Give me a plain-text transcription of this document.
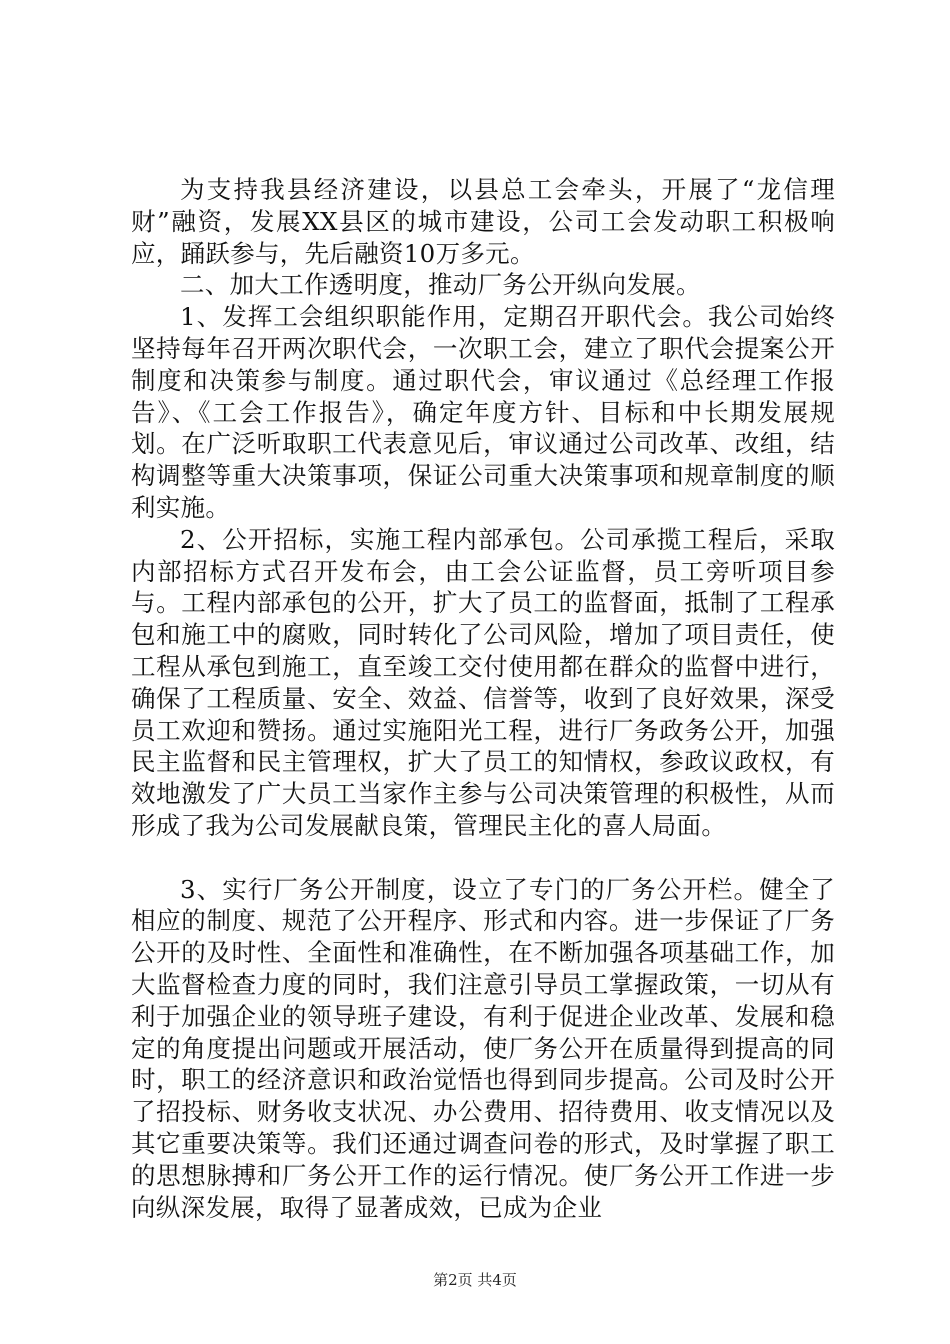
为支持我县经济建设，以县总工会牵头，开展了“龙信理财”融资，发展XX县区的城市建设，公司工会发动职工积极响应，踊跃参与，先后融资10万多元。

二、加大工作透明度，推动厂务公开纵向发展。

1、发挥工会组织职能作用，定期召开职代会。我公司始终坚持每年召开两次职代会，一次职工会，建立了职代会提案公开制度和决策参与制度。通过职代会，审议通过《总经理工作报告》、《工会工作报告》，确定年度方针、目标和中长期发展规划。在广泛听取职工代表意见后，审议通过公司改革、改组，结构调整等重大决策事项，保证公司重大决策事项和规章制度的顺利实施。

2、公开招标，实施工程内部承包。公司承揽工程后，采取内部招标方式召开发布会，由工会公证监督，员工旁听项目参与。工程内部承包的公开，扩大了员工的监督面，抵制了工程承包和施工中的腐败，同时转化了公司风险，增加了项目责任，使工程从承包到施工，直至竣工交付使用都在群众的监督中进行，确保了工程质量、安全、效益、信誉等，收到了良好效果，深受员工欢迎和赞扬。通过实施阳光工程，进行厂务政务公开，加强民主监督和民主管理权，扩大了员工的知情权，参政议政权，有效地激发了广大员工当家作主参与公司决策管理的积极性，从而形成了我为公司发展献良策，管理民主化的喜人局面。

3、实行厂务公开制度，设立了专门的厂务公开栏。健全了相应的制度、规范了公开程序、形式和内容。进一步保证了厂务公开的及时性、全面性和准确性，在不断加强各项基础工作，加大监督检查力度的同时，我们注意引导员工掌握政策，一切从有利于加强企业的领导班子建设，有利于促进企业改革、发展和稳定的角度提出问题或开展活动，使厂务公开在质量得到提高的同时，职工的经济意识和政治觉悟也得到同步提高。公司及时公开了招投标、财务收支状况、办公费用、招待费用、收支情况以及其它重要决策等。我们还通过调查问卷的形式，及时掌握了职工的思想脉搏和厂务公开工作的运行情况。使厂务公开工作进一步向纵深发展，取得了显著成效，已成为企业

第2页 共4页
